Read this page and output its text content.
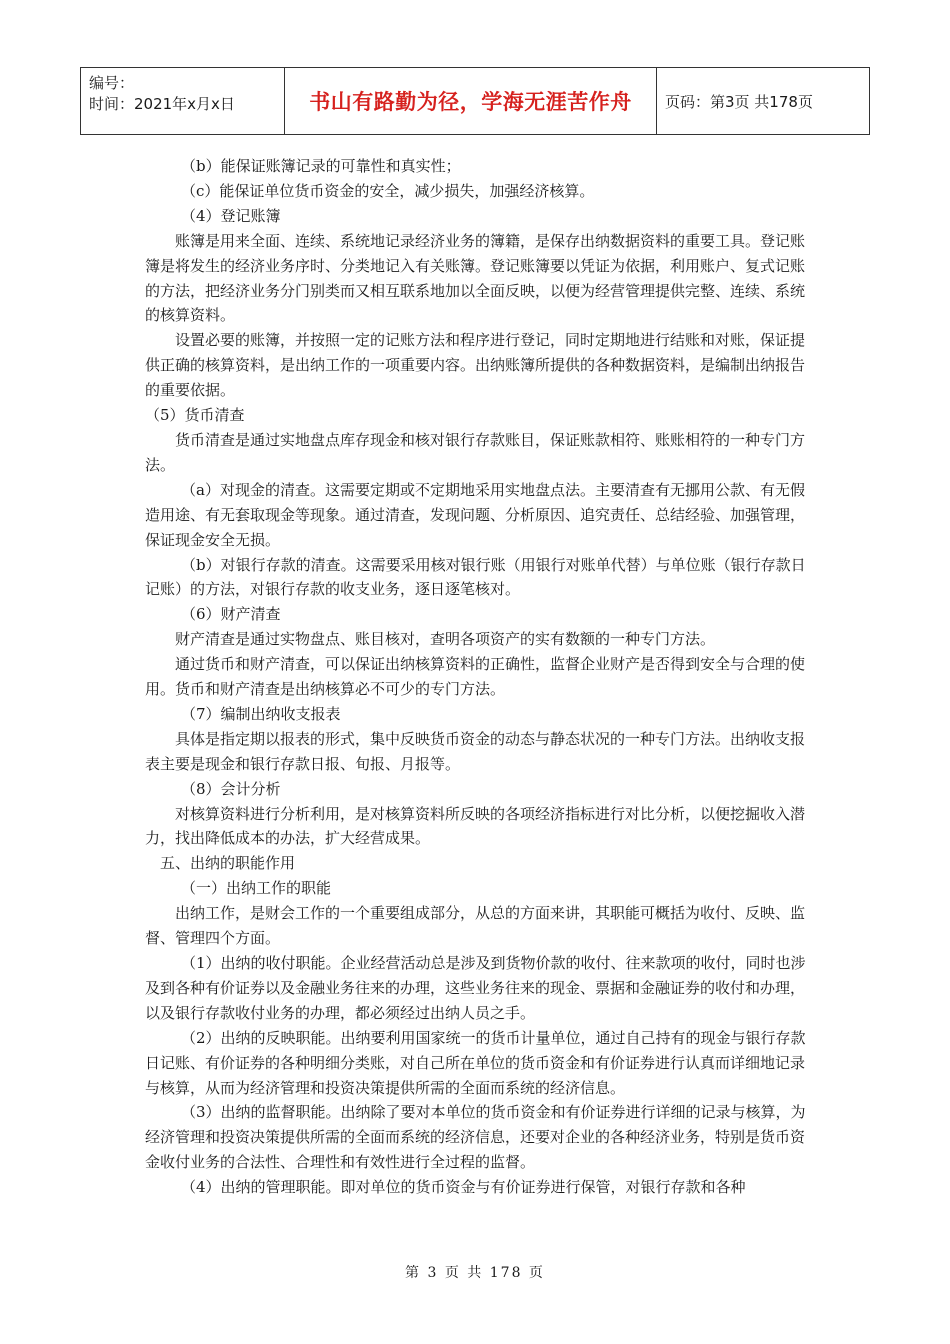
编号：
时间：2021年x月x日	书山有路勤为径，学海无涯苦作舟	页码：第3页 共178页

（b）能保证账簿记录的可靠性和真实性；

（c）能保证单位货币资金的安全，减少损失，加强经济核算。

（4）登记账簿

账簿是用来全面、连续、系统地记录经济业务的簿籍，是保存出纳数据资料的重要工具。登记账簿是将发生的经济业务序时、分类地记入有关账簿。登记账簿要以凭证为依据，利用账户、复式记账的方法，把经济业务分门别类而又相互联系地加以全面反映，以便为经营管理提供完整、连续、系统的核算资料。

设置必要的账簿，并按照一定的记账方法和程序进行登记，同时定期地进行结账和对账，保证提供正确的核算资料，是出纳工作的一项重要内容。出纳账簿所提供的各种数据资料，是编制出纳报告的重要依据。

（5）货币清查

货币清查是通过实地盘点库存现金和核对银行存款账目，保证账款相符、账账相符的一种专门方法。

（a）对现金的清查。这需要定期或不定期地采用实地盘点法。主要清查有无挪用公款、有无假造用途、有无套取现金等现象。通过清查，发现问题、分析原因、追究责任、总结经验、加强管理，保证现金安全无损。

（b）对银行存款的清查。这需要采用核对银行账（用银行对账单代替）与单位账（银行存款日记账）的方法，对银行存款的收支业务，逐日逐笔核对。

（6）财产清查

财产清查是通过实物盘点、账目核对，查明各项资产的实有数额的一种专门方法。

通过货币和财产清查，可以保证出纳核算资料的正确性，监督企业财产是否得到安全与合理的使用。货币和财产清查是出纳核算必不可少的专门方法。

（7）编制出纳收支报表

具体是指定期以报表的形式，集中反映货币资金的动态与静态状况的一种专门方法。出纳收支报表主要是现金和银行存款日报、旬报、月报等。

（8）会计分析

对核算资料进行分析利用，是对核算资料所反映的各项经济指标进行对比分析，以便挖掘收入潜力，找出降低成本的办法，扩大经营成果。

五、出纳的职能作用

（一）出纳工作的职能

出纳工作，是财会工作的一个重要组成部分，从总的方面来讲，其职能可概括为收付、反映、监督、管理四个方面。

（1）出纳的收付职能。企业经营活动总是涉及到货物价款的收付、往来款项的收付，同时也涉及到各种有价证券以及金融业务往来的办理，这些业务往来的现金、票据和金融证券的收付和办理，以及银行存款收付业务的办理，都必须经过出纳人员之手。

（2）出纳的反映职能。出纳要利用国家统一的货币计量单位，通过自己持有的现金与银行存款日记账、有价证券的各种明细分类账，对自己所在单位的货币资金和有价证券进行认真而详细地记录与核算，从而为经济管理和投资决策提供所需的全面而系统的经济信息。

（3）出纳的监督职能。出纳除了要对本单位的货币资金和有价证券进行详细的记录与核算，为经济管理和投资决策提供所需的全面而系统的经济信息，还要对企业的各种经济业务，特别是货币资金收付业务的合法性、合理性和有效性进行全过程的监督。

（4）出纳的管理职能。即对单位的货币资金与有价证券进行保管，对银行存款和各种

第 3 页 共 178 页
